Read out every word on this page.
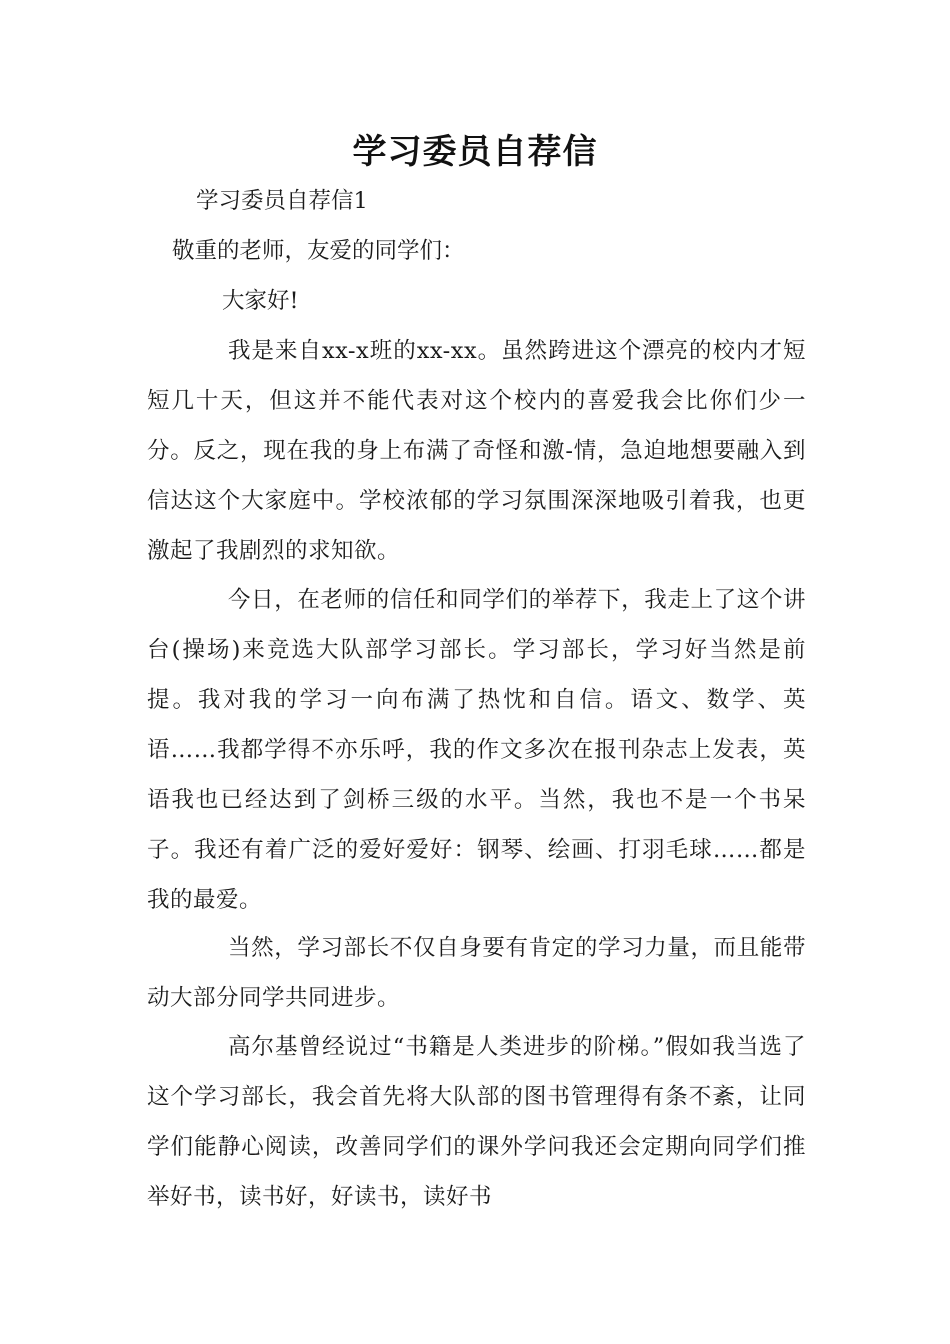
学习委员自荐信
学习委员自荐信1
敬重的老师，友爱的同学们：
大家好!

我是来自xx-x班的xx-xx。虽然跨进这个漂亮的校内才短短几十天，但这并不能代表对这个校内的喜爱我会比你们少一分。反之，现在我的身上布满了奇怪和激-情，急迫地想要融入到信达这个大家庭中。学校浓郁的学习氛围深深地吸引着我，也更激起了我剧烈的求知欲。

今日，在老师的信任和同学们的举荐下，我走上了这个讲台(操场)来竞选大队部学习部长。学习部长，学习好当然是前提。我对我的学习一向布满了热忱和自信。语文、数学、英语……我都学得不亦乐呼，我的作文多次在报刊杂志上发表，英语我也已经达到了剑桥三级的水平。当然，我也不是一个书呆子。我还有着广泛的爱好爱好：钢琴、绘画、打羽毛球……都是我的最爱。

当然，学习部长不仅自身要有肯定的学习力量，而且能带动大部分同学共同进步。

高尔基曾经说过“书籍是人类进步的阶梯。”假如我当选了这个学习部长，我会首先将大队部的图书管理得有条不紊，让同学们能静心阅读，改善同学们的课外学问我还会定期向同学们推举好书，读书好，好读书，读好书
